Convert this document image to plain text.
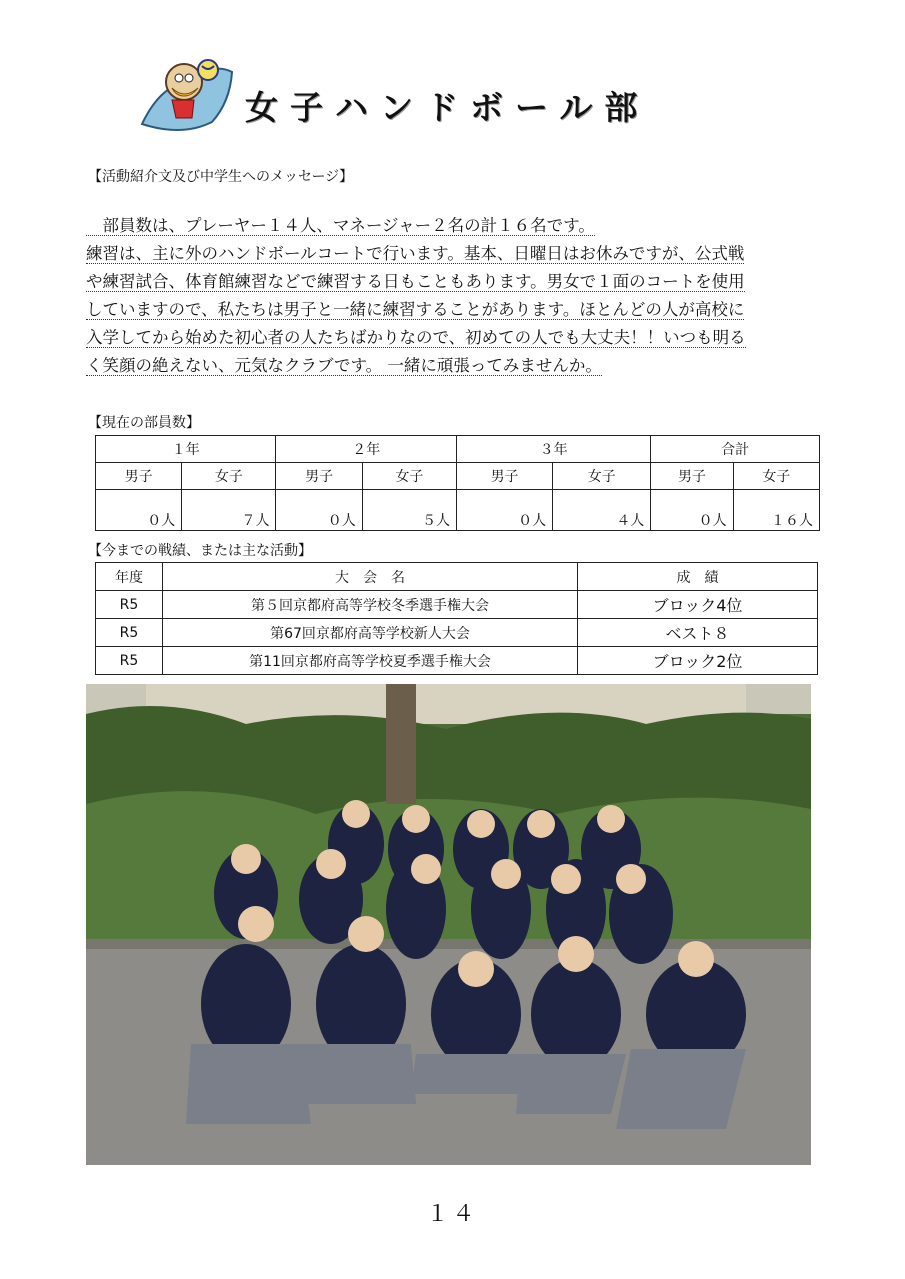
女子ハンドボール部
【活動紹介文及び中学生へのメッセージ】
　部員数は、プレーヤー１４人、マネージャー２名の計１６名です。
練習は、主に外のハンドボールコートで行います。基本、日曜日はお休みですが、公式戦
や練習試合、体育館練習などで練習する日もこともあります。男女で１面のコートを使用
していますので、私たちは男子と一緒に練習することがあります。ほとんどの人が高校に
入学してから始めた初心者の人たちばかりなので、初めての人でも大丈夫！！いつも明る
く笑顔の絶えない、元気なクラブです。 一緒に頑張ってみませんか。
【現在の部員数】
１年		２年		３年		合計	
男子	女子	男子	女子	男子	女子	男子	女子
０人	７人	０人	５人	０人	４人	０人	１６人
【今までの戦績、または主な活動】
年度	大　会　名	成　績
R5	第５回京都府高等学校冬季選手権大会	ブロック4位
R5	第67回京都府高等学校新人大会	ベスト８
R5	第11回京都府高等学校夏季選手権大会	ブロック2位
１４
